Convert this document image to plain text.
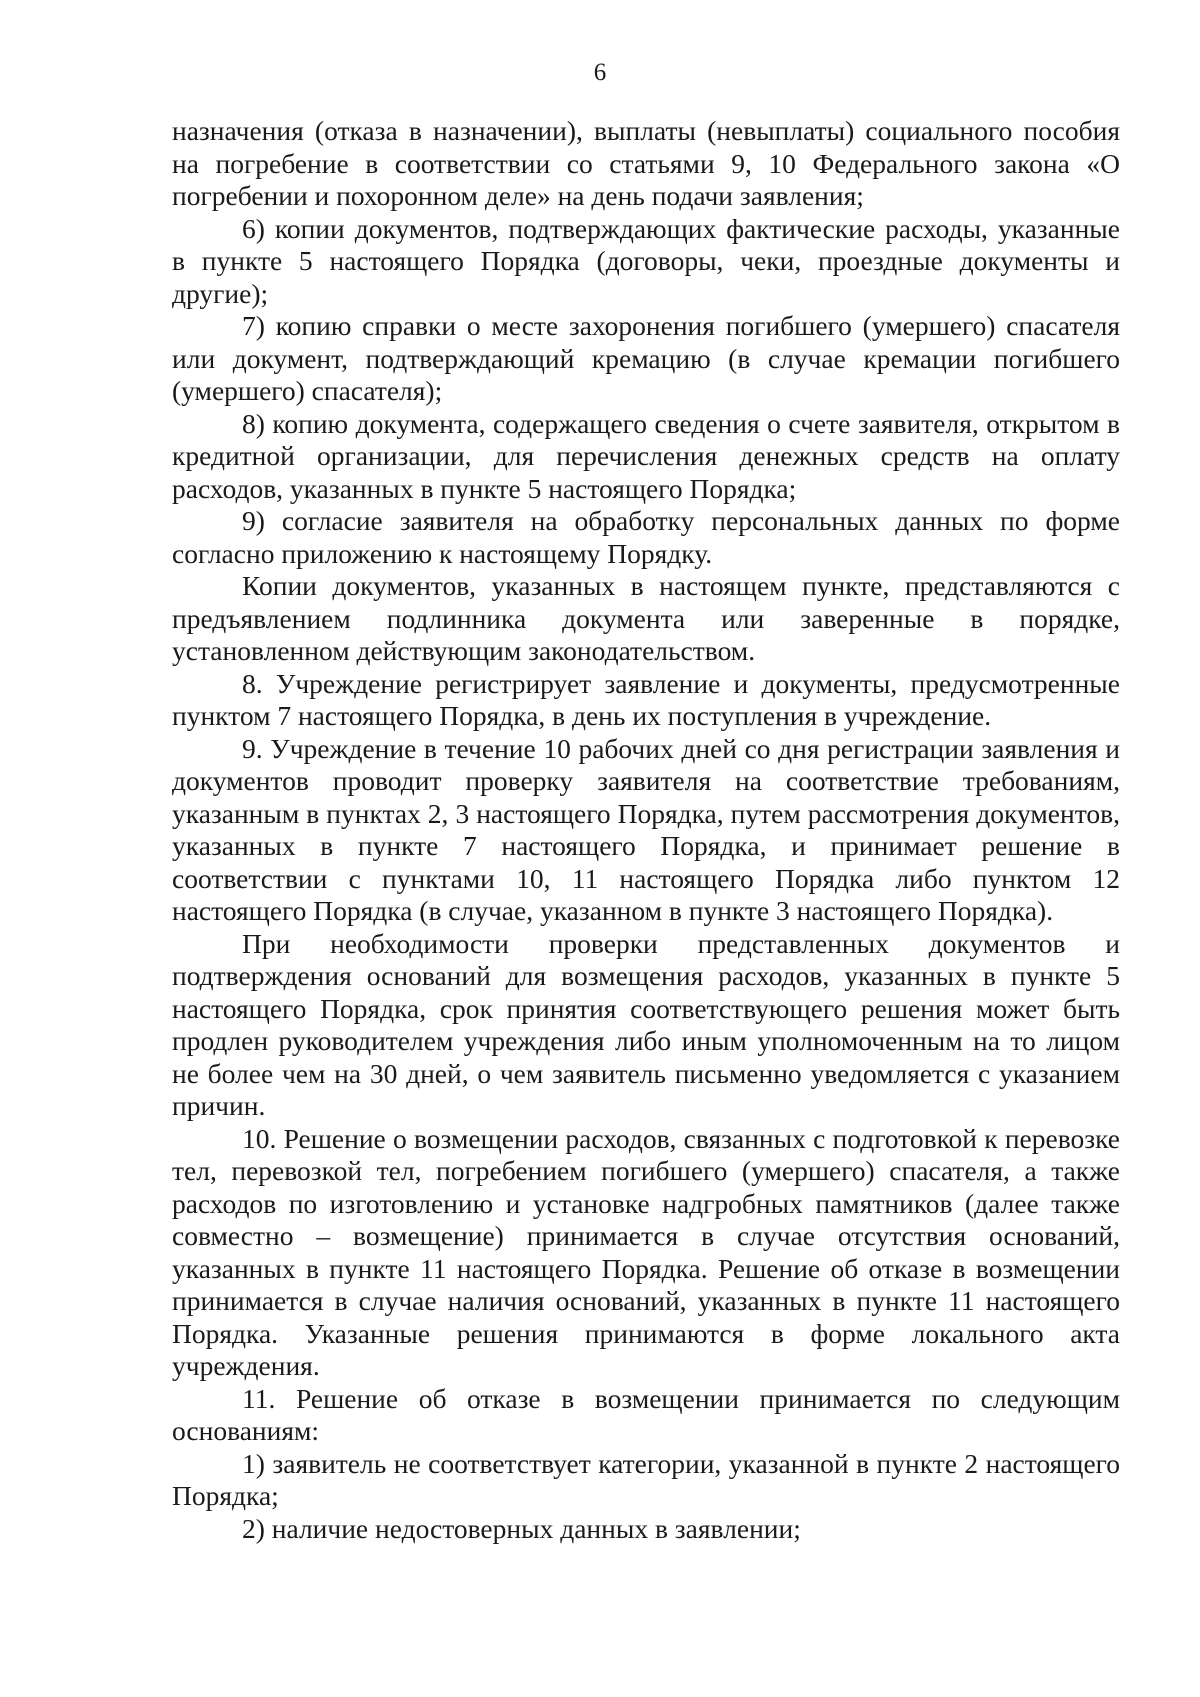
6

назначения (отказа в назначении), выплаты (невыплаты) социального пособия на погребение в соответствии со статьями 9, 10 Федерального закона «О погребении и похоронном деле» на день подачи заявления;

6) копии документов, подтверждающих фактические расходы, указанные в пункте 5 настоящего Порядка (договоры, чеки, проездные документы и другие);

7) копию справки о месте захоронения погибшего (умершего) спасателя или документ, подтверждающий кремацию (в случае кремации погибшего (умершего) спасателя);

8) копию документа, содержащего сведения о счете заявителя, открытом в кредитной организации, для перечисления денежных средств на оплату расходов, указанных в пункте 5 настоящего Порядка;

9) согласие заявителя на обработку персональных данных по форме согласно приложению к настоящему Порядку.

Копии документов, указанных в настоящем пункте, представляются с предъявлением подлинника документа или заверенные в порядке, установленном действующим законодательством.

8. Учреждение регистрирует заявление и документы, предусмотренные пунктом 7 настоящего Порядка, в день их поступления в учреждение.

9. Учреждение в течение 10 рабочих дней со дня регистрации заявления и документов проводит проверку заявителя на соответствие требованиям, указанным в пунктах 2, 3 настоящего Порядка, путем рассмотрения документов, указанных в пункте 7 настоящего Порядка, и принимает решение в соответствии с пунктами 10, 11 настоящего Порядка либо пунктом 12 настоящего Порядка (в случае, указанном в пункте 3 настоящего Порядка).

При необходимости проверки представленных документов и подтверждения оснований для возмещения расходов, указанных в пункте 5 настоящего Порядка, срок принятия соответствующего решения может быть продлен руководителем учреждения либо иным уполномоченным на то лицом не более чем на 30 дней, о чем заявитель письменно уведомляется с указанием причин.

10. Решение о возмещении расходов, связанных с подготовкой к перевозке тел, перевозкой тел, погребением погибшего (умершего) спасателя, а также расходов по изготовлению и установке надгробных памятников (далее также совместно – возмещение) принимается в случае отсутствия оснований, указанных в пункте 11 настоящего Порядка. Решение об отказе в возмещении принимается в случае наличия оснований, указанных в пункте 11 настоящего Порядка. Указанные решения принимаются в форме локального акта учреждения.

11. Решение об отказе в возмещении принимается по следующим основаниям:

1) заявитель не соответствует категории, указанной в пункте 2 настоящего Порядка;

2) наличие недостоверных данных в заявлении;
